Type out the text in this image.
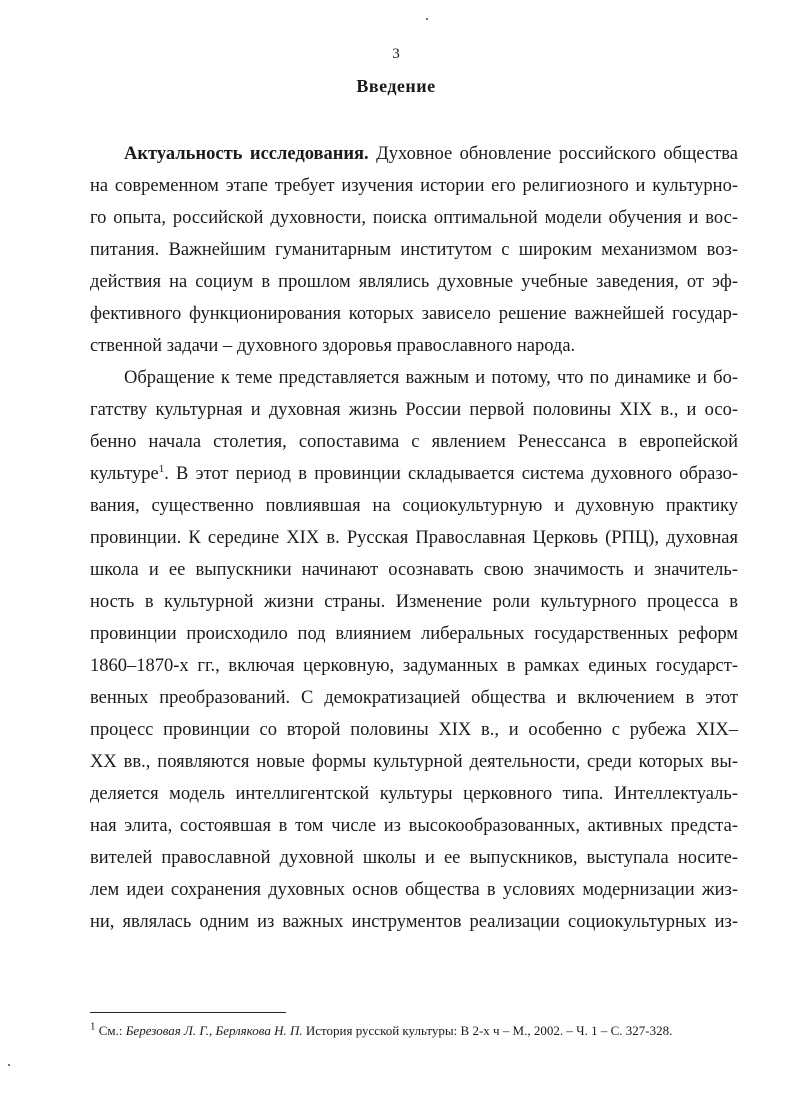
3
Введение
Актуальность исследования. Духовное обновление российского общества
на современном этапе требует изучения истории его религиозного и культурно-
го опыта, российской духовности, поиска оптимальной модели обучения и вос-
питания. Важнейшим гуманитарным институтом с широким механизмом воз-
действия на социум в прошлом являлись духовные учебные заведения, от эф-
фективного функционирования которых зависело решение важнейшей государ-
ственной задачи – духовного здоровья православного народа.
Обращение к теме представляется важным и потому, что по динамике и бо-
гатству культурная и духовная жизнь России первой половины XIX в., и осо-
бенно начала столетия, сопоставима с явлением Ренессанса в европейской
культуре$^1$. В этот период в провинции складывается система духовного образо-
вания, существенно повлиявшая на социокультурную и духовную практику
провинции. К середине XIX в. Русская Православная Церковь (РПЦ), духовная
школа и ее выпускники начинают осознавать свою значимость и значитель-
ность в культурной жизни страны. Изменение роли культурного процесса в
провинции происходило под влиянием либеральных государственных реформ
1860–1870-х гг., включая церковную, задуманных в рамках единых государст-
венных преобразований. С демократизацией общества и включением в этот
процесс провинции со второй половины XIX в., и особенно с рубежа XIX–
XX вв., появляются новые формы культурной деятельности, среди которых вы-
деляется модель интеллигентской культуры церковного типа. Интеллектуаль-
ная элита, состоявшая в том числе из высокообразованных, активных предста-
вителей православной духовной школы и ее выпускников, выступала носите-
лем идеи сохранения духовных основ общества в условиях модернизации жиз-
ни, являлась одним из важных инструментов реализации социокультурных из-
$^1$ См.: Березовая Л. Г., Берлякова Н. П. История русской культуры: В 2-х ч – М., 2002. – Ч. 1 – С. 327-328.
